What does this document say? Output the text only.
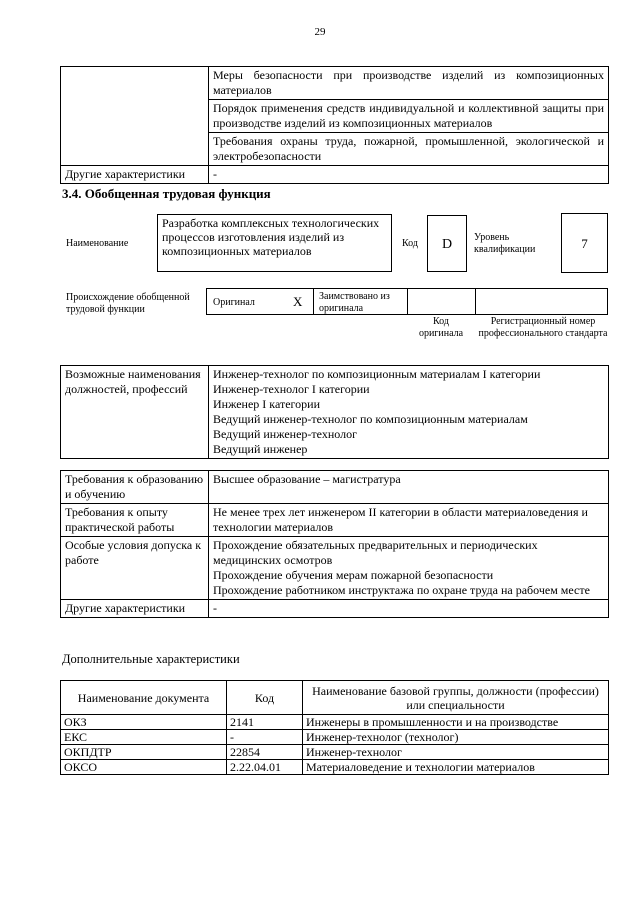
29

Меры безопасности при производстве изделий из композиционных материалов
Порядок применения средств индивидуальной и коллективной защиты при производстве изделий из композиционных материалов
Требования охраны труда, пожарной, промышленной, экологической и электробезопасности

Другие характеристики	-
3.4. Обобщенная трудовая функция
Наименование
Разработка комплексных технологических процессов изготовления изделий из композиционных материалов
Код	D	Уровень квалификации	7
Происхождение обобщенной трудовой функции
Оригинал	X Заимствовано из оригинала
Код оригинала
Регистрационный номер профессионального стандарта
Возможные наименования должностей, профессий	
Инженер-технолог по композиционным материалам I категории
Инженер-технолог I категории
Инженер I категории
Ведущий инженер-технолог по композиционным материалам
Ведущий инженер-технолог
Ведущий инженер
Требования к образованию и обучению	Высшее образование – магистратура
Требования к опыту практической работы	Не менее трех лет инженером II категории в области материаловедения и технологии материалов
Особые условия допуска к работе	Прохождение обязательных предварительных и периодических медицинских осмотров
Прохождение обучения мерам пожарной безопасности
Прохождение работником инструктажа по охране труда на рабочем месте

Другие характеристики	-
Дополнительные характеристики
Наименование документа	Код	Наименование базовой группы, должности (профессии) или специальности
ОКЗ	2141	Инженеры в промышленности и на производстве
ЕКС	-	Инженер-технолог (технолог)
ОКПДТР	22854	Инженер-технолог
ОКСО	2.22.04.01	Материаловедение и технологии материалов
